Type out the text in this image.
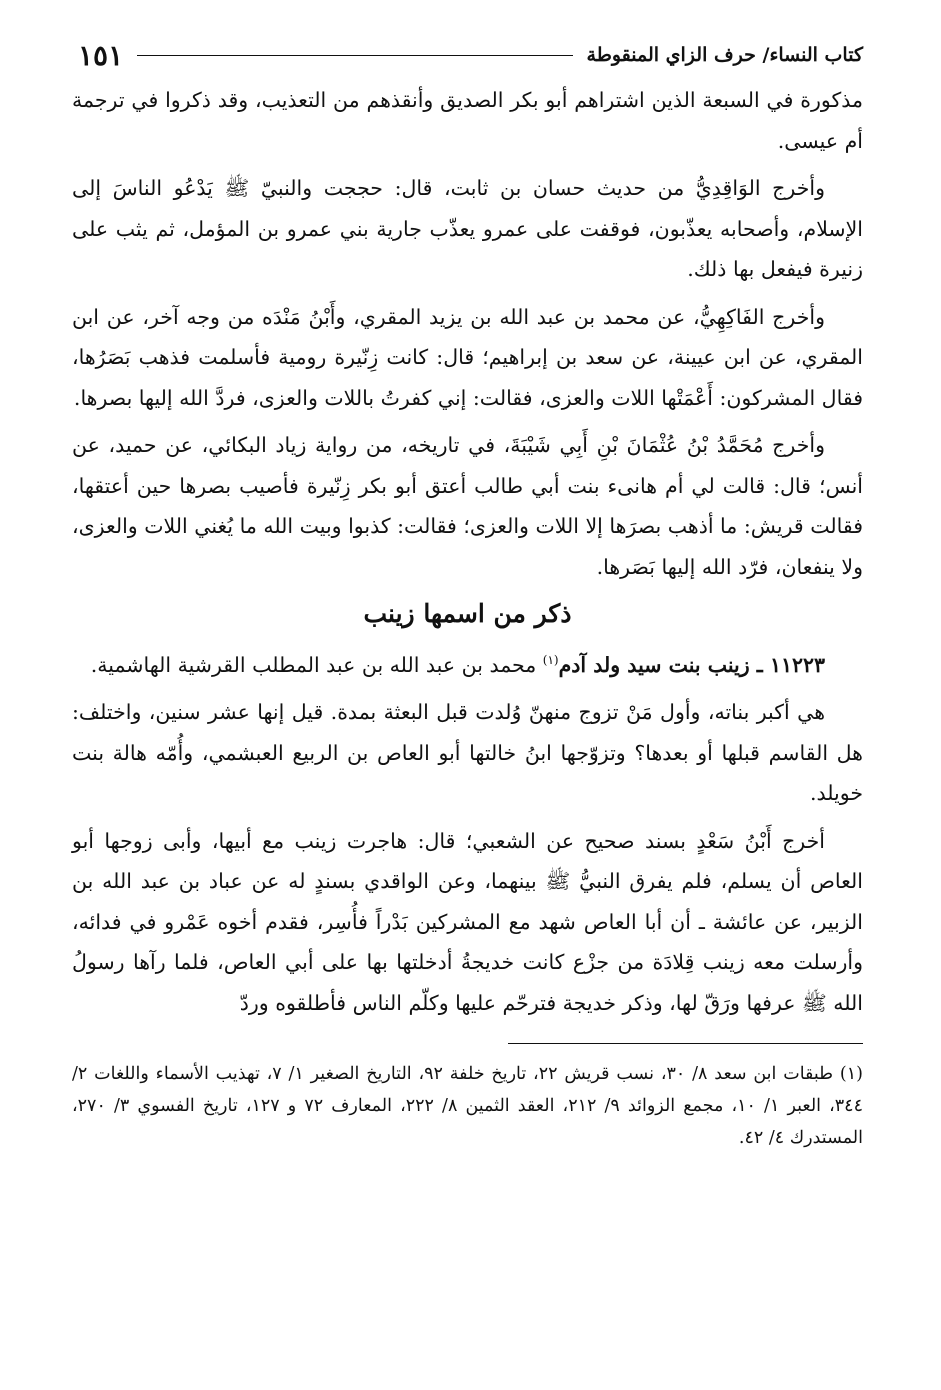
كتاب النساء/ حرف الزاي المنقوطة
١٥١

مذكورة في السبعة الذين اشتراهم أبو بكر الصديق وأنقذهم من التعذيب، وقد ذكروا في ترجمة أم عيسى.

وأخرج الوَاقِدِيُّ من حديث حسان بن ثابت، قال: حججت والنبيّ ﷺ يَدْعُو الناسَ إلى الإسلام، وأصحابه يعذّبون، فوقفت على عمرو يعذّب جارية بني عمرو بن المؤمل، ثم يثب على زنيرة فيفعل بها ذلك.

وأخرج الفَاكِهِيُّ، عن محمد بن عبد الله بن يزيد المقري، وأَبْنُ مَنْدَه من وجه آخر، عن ابن المقري، عن ابن عيينة، عن سعد بن إبراهيم؛ قال: كانت زِنّيرة رومية فأسلمت فذهب بَصَرُها، فقال المشركون: أَعْمَتْها اللات والعزى، فقالت: إني كفرتُ باللات والعزى، فردَّ الله إليها بصرها.

وأخرج مُحَمَّدُ بْنُ عُثْمَانَ بْنِ أَبِي شَيْبَةَ، في تاريخه، من رواية زياد البكائي، عن حميد، عن أنس؛ قال: قالت لي أم هانىء بنت أبي طالب أعتق أبو بكر زِنّيرة فأصيب بصرها حين أعتقها، فقالت قريش: ما أذهب بصرَها إلا اللات والعزى؛ فقالت: كذبوا وبيت الله ما يُغني اللات والعزى، ولا ينفعان، فرّد الله إليها بَصَرها.

ذكر من اسمها زينب

١١٢٢٣ ـ زينب بنت سيد ولد آدم$^{(١)}$ محمد بن عبد الله بن عبد المطلب القرشية الهاشمية.

هي أكبر بناته، وأول مَنْ تزوج منهنّ وُلدت قبل البعثة بمدة. قيل إنها عشر سنين، واختلف: هل القاسم قبلها أو بعدها؟ وتزوّجها ابنُ خالتها أبو العاص بن الربيع العبشمي، وأُمّه هالة بنت خويلد.

أخرج أَبْنُ سَعْدٍ بسند صحيح عن الشعبي؛ قال: هاجرت زينب مع أبيها، وأبى زوجها أبو العاص أن يسلم، فلم يفرق النبيُّ ﷺ بينهما، وعن الواقدي بسندٍ له عن عباد بن عبد الله بن الزبير، عن عائشة ـ أن أبا العاص شهد مع المشركين بَدْراً فأُسِر، فقدم أخوه عَمْرو في فدائه، وأرسلت معه زينب قِلادَة من جزْع كانت خديجةُ أدخلتها بها على أبي العاص، فلما رآها رسولُ الله ﷺ عرفها ورَقّ لها، وذكر خديجة فترحّم عليها وكلّم الناس فأطلقوه وردّ

(١) طبقات ابن سعد ٨/ ٣٠، نسب قريش ٢٢، تاريخ خلفة ٩٢، التاريخ الصغير ١/ ٧، تهذيب الأسماء واللغات ٢/ ٣٤٤، العبر ١/ ١٠، مجمع الزوائد ٩/ ٢١٢، العقد الثمين ٨/ ٢٢٢، المعارف ٧٢ و ١٢٧، تاريخ الفسوي ٣/ ٢٧٠، المستدرك ٤/ ٤٢.
